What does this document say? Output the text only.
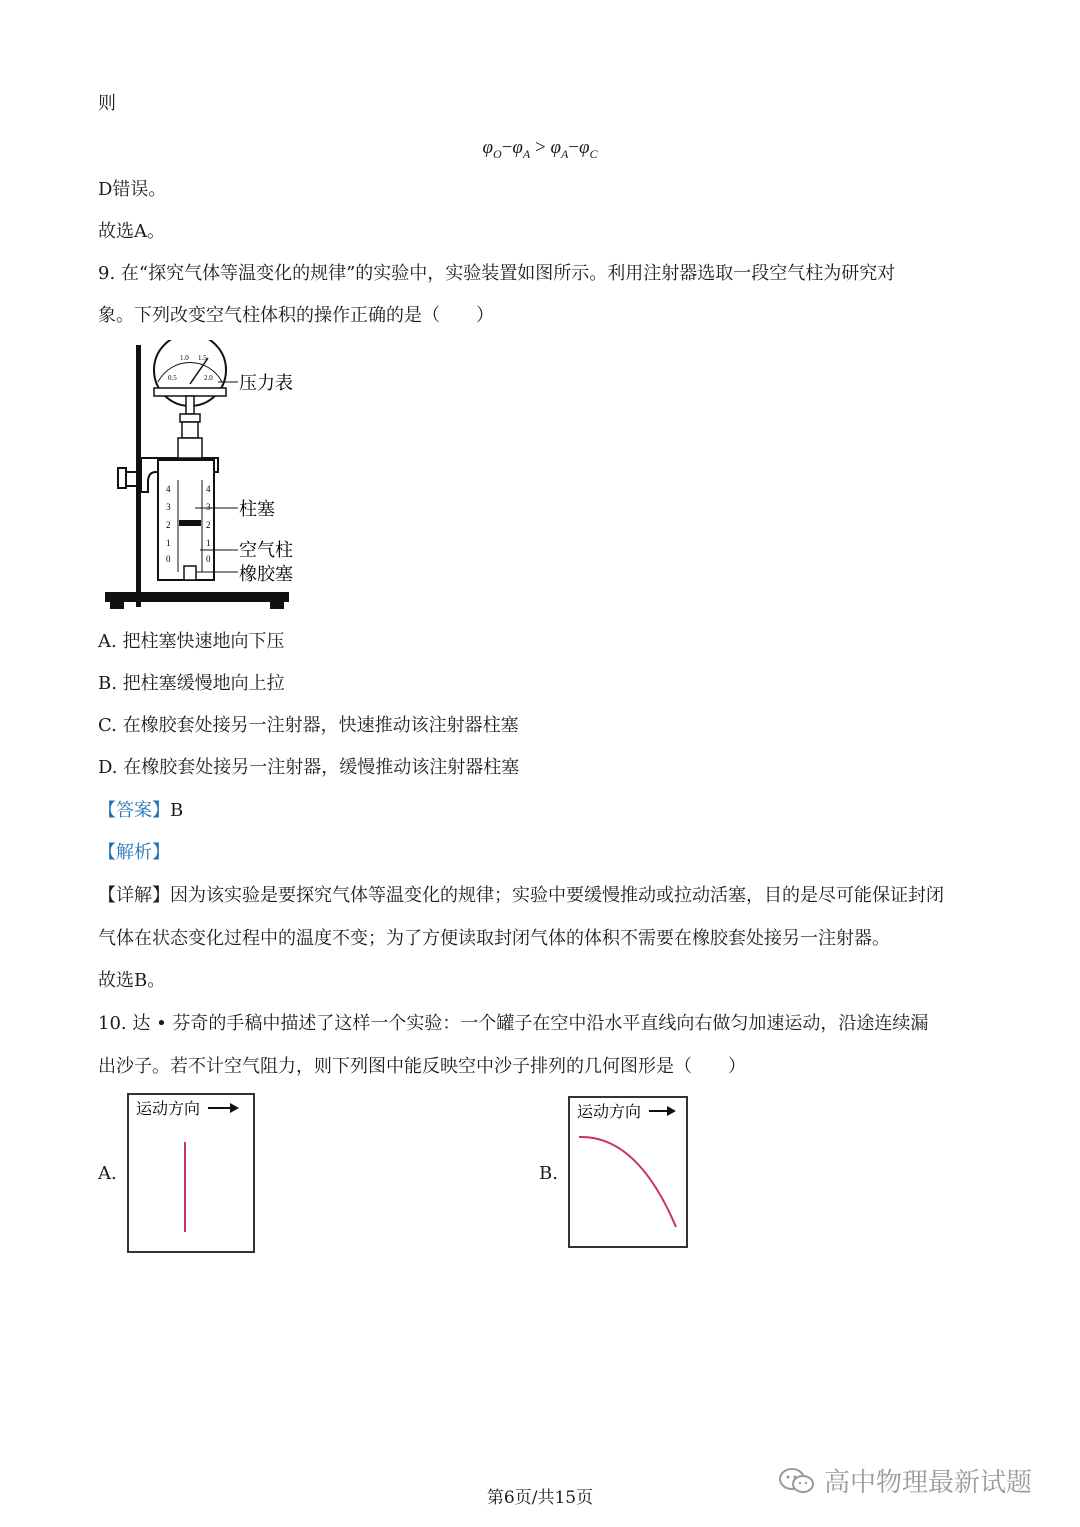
则
$\varphi_O-\varphi_A > \varphi_A-\varphi_C$
D错误。
故选A。
9. 在“探究气体等温变化的规律”的实验中，实验装置如图所示。利用注射器选取一段空气柱为研究对
象。下列改变空气柱体积的操作正确的是（　　）
0.5
1.0 1.5
2.0
4
3
2
1
0
4
3
2
1
0
压力表
柱塞
空气柱
橡胶塞
A. 把柱塞快速地向下压
B. 把柱塞缓慢地向上拉
C. 在橡胶套处接另一注射器，快速推动该注射器柱塞
D. 在橡胶套处接另一注射器，缓慢推动该注射器柱塞
【答案】B
【解析】
【详解】因为该实验是要探究气体等温变化的规律；实验中要缓慢推动或拉动活塞，目的是尽可能保证封闭
气体在状态变化过程中的温度不变；为了方便读取封闭气体的体积不需要在橡胶套处接另一注射器。
故选B。
10. 达 • 芬奇的手稿中描述了这样一个实验：一个罐子在空中沿水平直线向右做匀加速运动，沿途连续漏
出沙子。若不计空气阻力，则下列图中能反映空中沙子排列的几何图形是（　　）
A.
运动方向
B.
运动方向
第6页/共15页	高中物理最新试题
